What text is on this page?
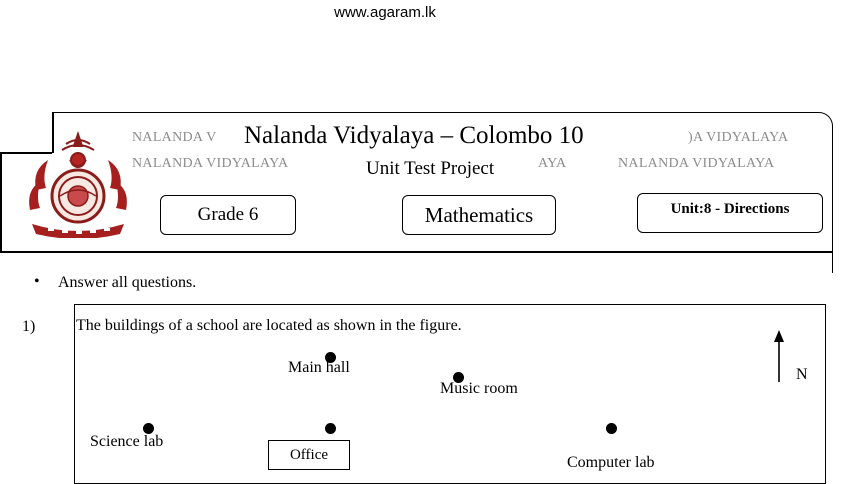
www.agaram.lk
NALANDA V Nalanda Vidyalaya – Colombo 10	)A VIDYALAYA
NALANDA VIDYALAYA	Unit Test Project	AYA	NALANDA VIDYALAYA
Grade 6	Mathematics	Unit:8 - Directions
• Answer all questions.
1)	The buildings of a school are located as shown in the figure.
Main hall
Music room
Science lab
Office	Computer lab
N
